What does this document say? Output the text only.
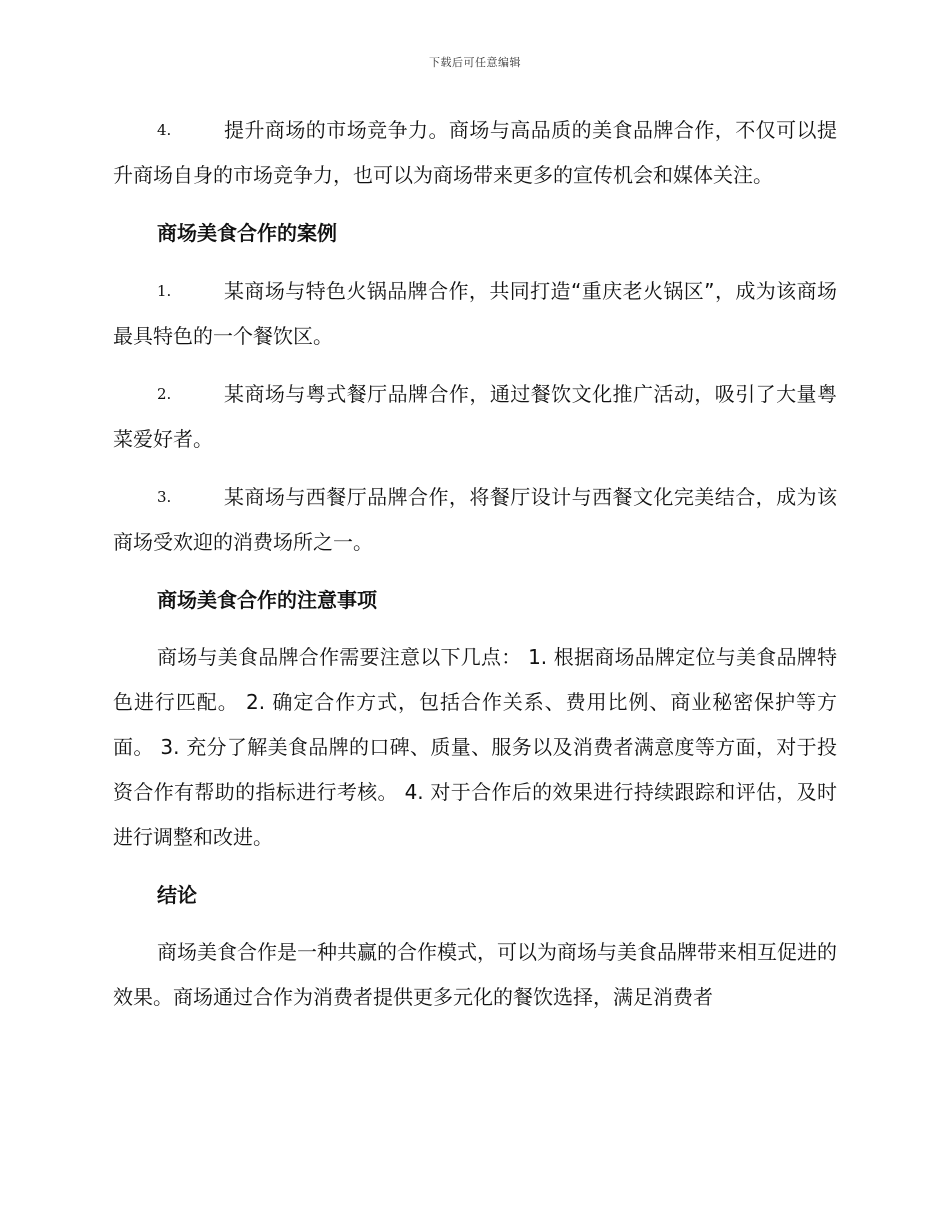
下载后可任意编辑

4.	提升商场的市场竞争力。商场与高品质的美食品牌合作，不仅可以提升商场自身的市场竞争力，也可以为商场带来更多的宣传机会和媒体关注。

商场美食合作的案例

1.	某商场与特色火锅品牌合作，共同打造“重庆老火锅区”，成为该商场最具特色的一个餐饮区。

2.	某商场与粤式餐厅品牌合作，通过餐饮文化推广活动，吸引了大量粤菜爱好者。

3.	某商场与西餐厅品牌合作，将餐厅设计与西餐文化完美结合，成为该商场受欢迎的消费场所之一。

商场美食合作的注意事项

商场与美食品牌合作需要注意以下几点： 1. 根据商场品牌定位与美食品牌特色进行匹配。 2. 确定合作方式，包括合作关系、费用比例、商业秘密保护等方面。 3. 充分了解美食品牌的口碑、质量、服务以及消费者满意度等方面，对于投资合作有帮助的指标进行考核。 4. 对于合作后的效果进行持续跟踪和评估，及时进行调整和改进。

结论

商场美食合作是一种共赢的合作模式，可以为商场与美食品牌带来相互促进的效果。商场通过合作为消费者提供更多元化的餐饮选择，满足消费者
